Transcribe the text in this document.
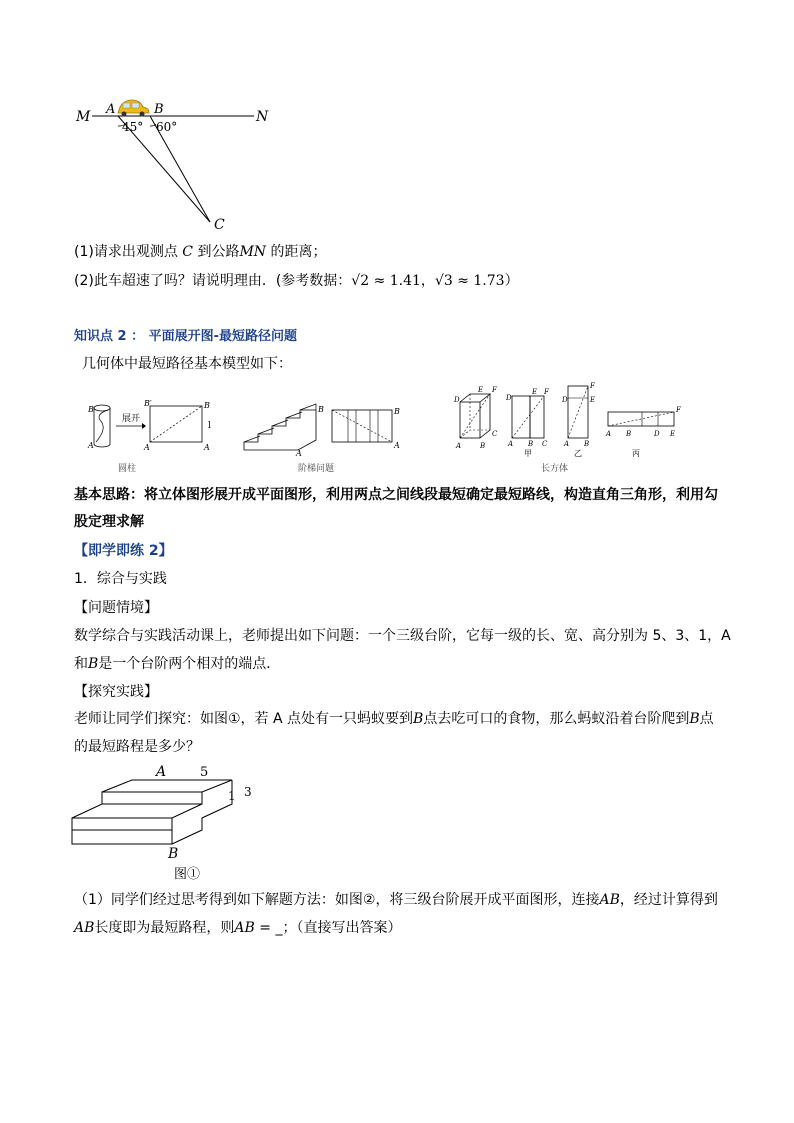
M A	B	N
C
45° 60°
(1)请求出观测点 C 到公路MN 的距离；
(2)此车超速了吗？请说明理由．(参考数据：√2 ≈ 1.41，√3 ≈ 1.73）
知识点 2 ： 平面展开图-最短路径问题
几何体中最短路径基本模型如下：
B
A
展开
B′
A
B
A
l
圆柱
B
A
B
A
阶梯问题
D
E F
A	B
C
F
E
D
A B C
甲
F
D	E
A B
乙
F
A B	D E
丙
长方体
基本思路：将立体图形展开成平面图形，利用两点之间线段最短确定最短路线，构造直角三角形，利用勾
股定理求解
【即学即练 2】
1．综合与实践
【问题情境】
数学综合与实践活动课上，老师提出如下问题：一个三级台阶，它每一级的长、宽、高分别为 5、3、1，A
和B是一个台阶两个相对的端点．
【探究实践】
老师让同学们探究：如图①，若 A 点处有一只蚂蚁要到B点去吃可口的食物，那么蚂蚁沿着台阶爬到B点
的最短路程是多少？
A	5
1 3
B
图①
（1）同学们经过思考得到如下解题方法：如图②，将三级台阶展开成平面图形，连接AB，经过计算得到
AB长度即为最短路程，则AB = _；（直接写出答案）
